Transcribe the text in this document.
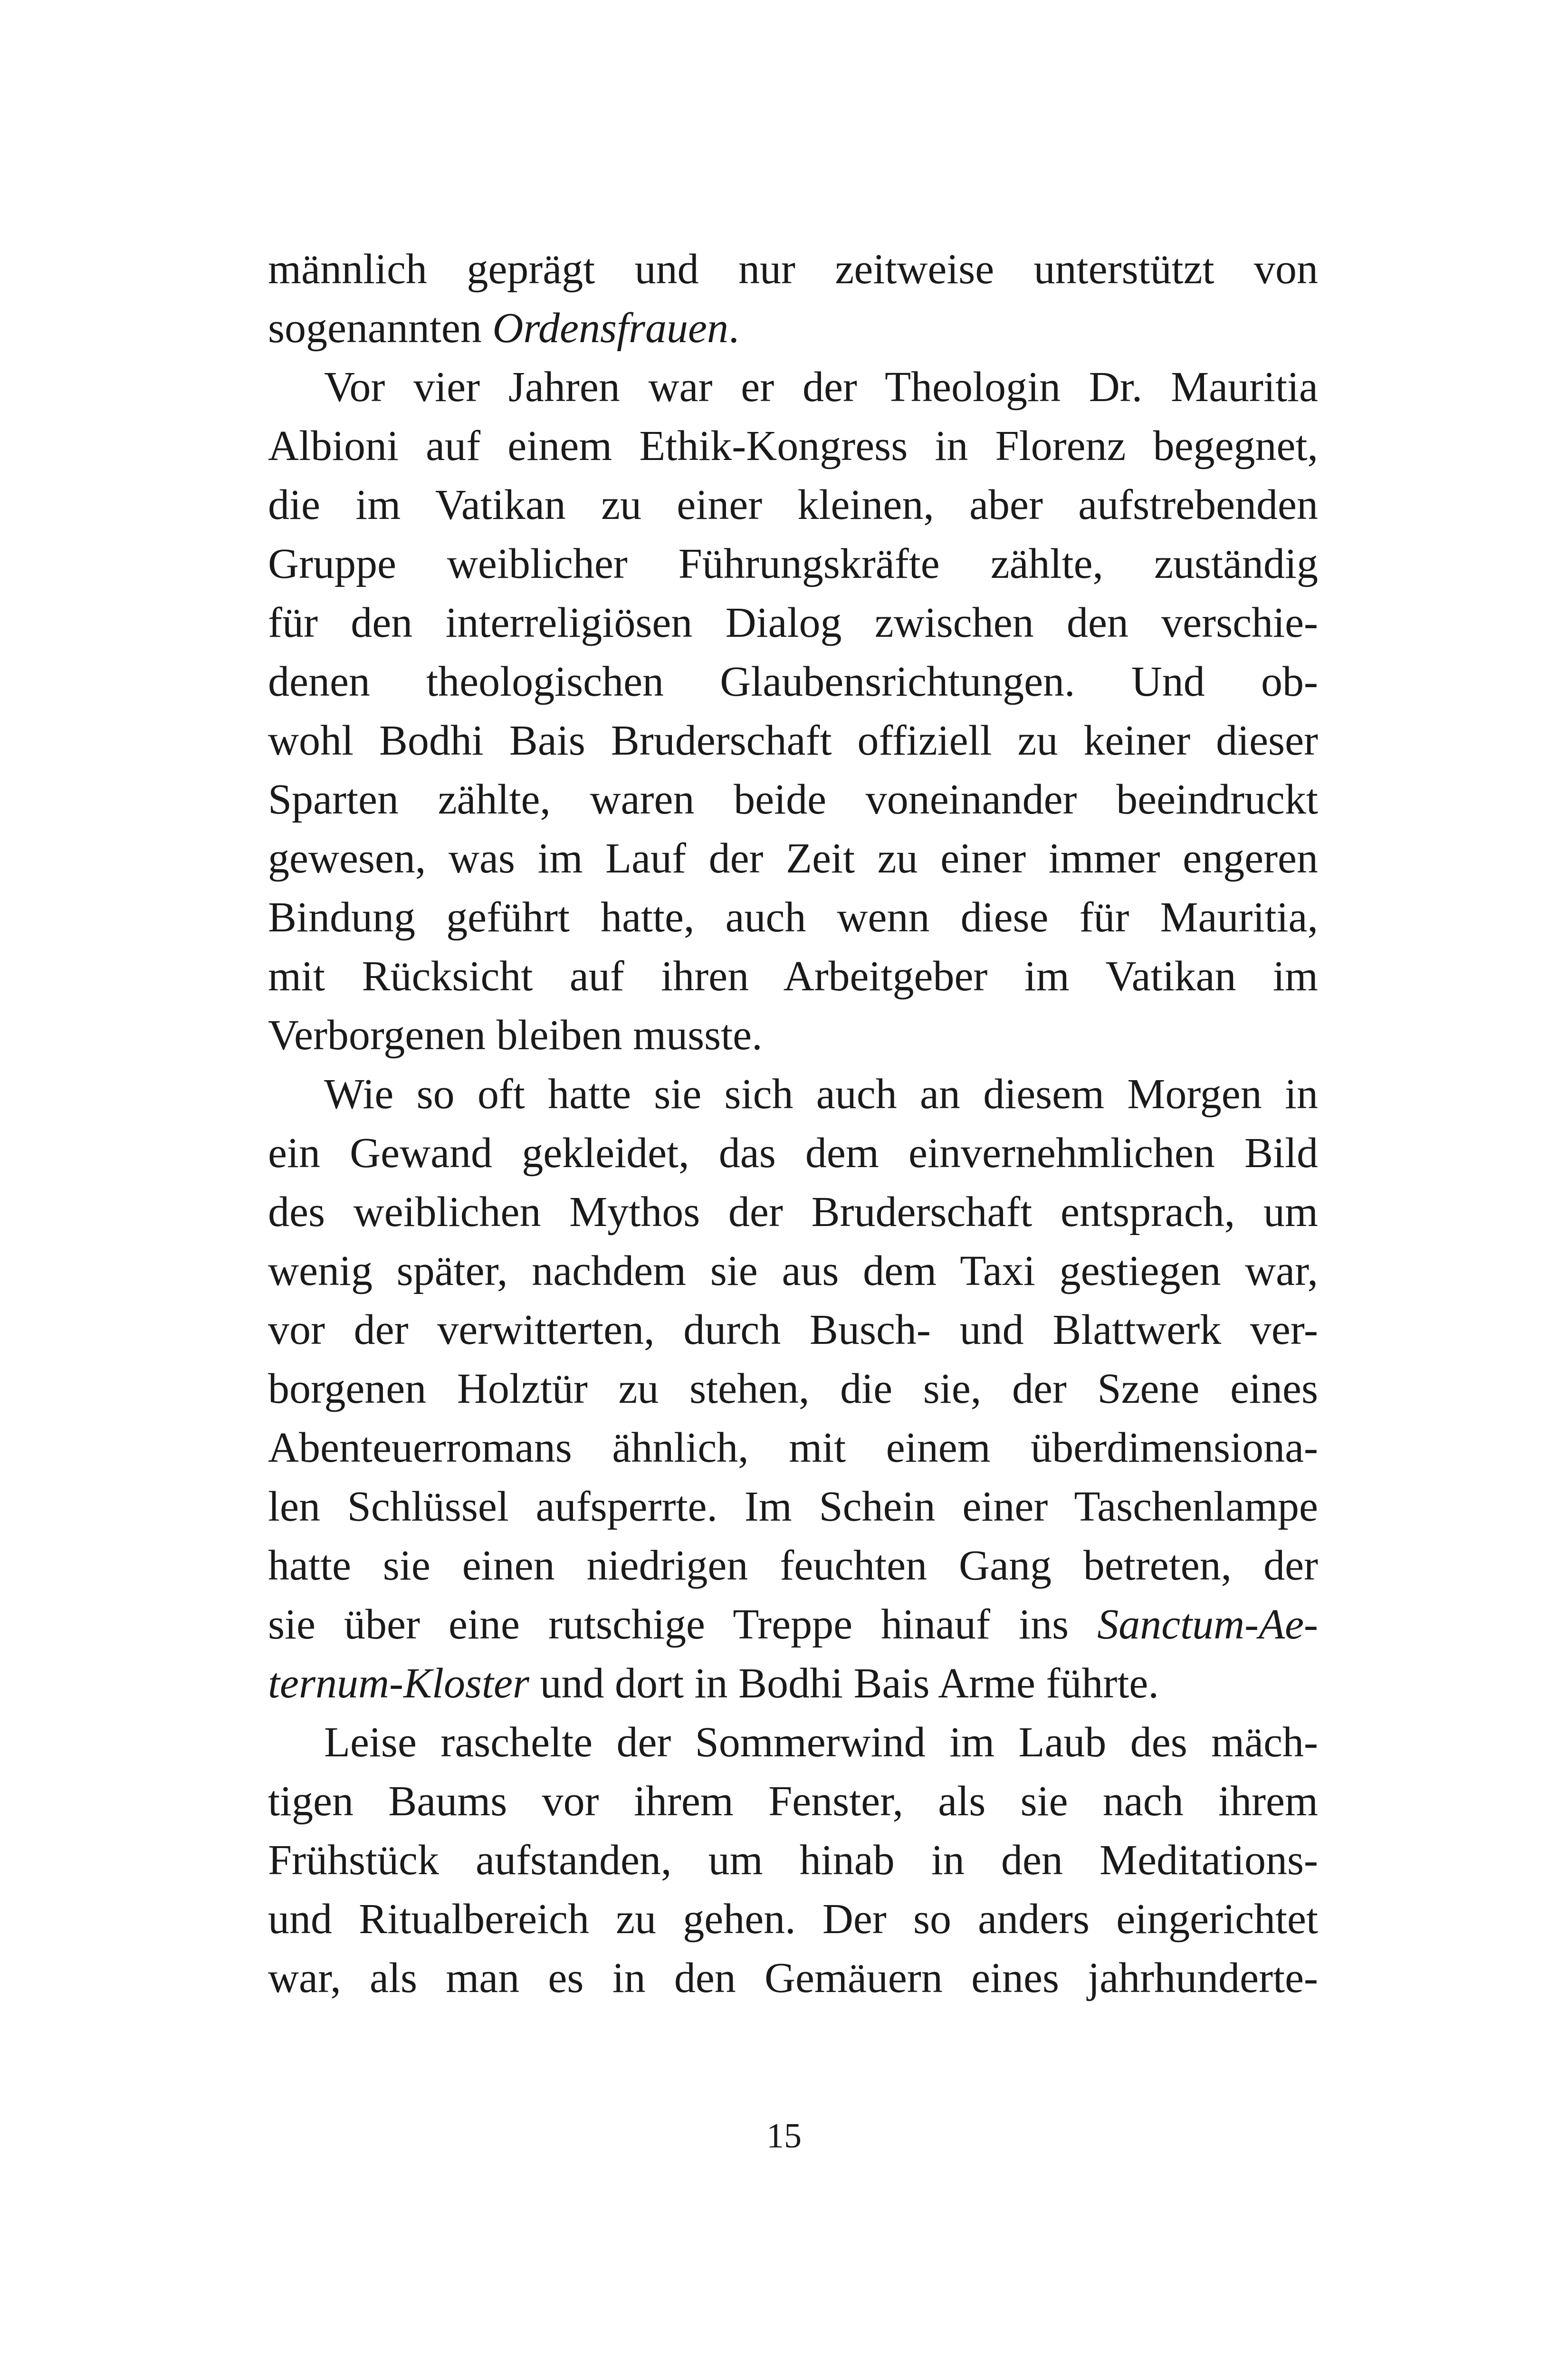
männlich geprägt und nur zeitweise unterstützt von
sogenannten Ordensfrauen.
Vor vier Jahren war er der Theologin Dr. Mauritia
Albioni auf einem Ethik-Kongress in Florenz begegnet,
die im Vatikan zu einer kleinen, aber aufstrebenden
Gruppe weiblicher Führungskräfte zählte, zuständig
für den interreligiösen Dialog zwischen den verschie-
denen theologischen Glaubensrichtungen. Und ob-
wohl Bodhi Bais Bruderschaft offiziell zu keiner dieser
Sparten zählte, waren beide voneinander beeindruckt
gewesen, was im Lauf der Zeit zu einer immer engeren
Bindung geführt hatte, auch wenn diese für Mauritia,
mit Rücksicht auf ihren Arbeitgeber im Vatikan im
Verborgenen bleiben musste.
Wie so oft hatte sie sich auch an diesem Morgen in
ein Gewand gekleidet, das dem einvernehmlichen Bild
des weiblichen Mythos der Bruderschaft entsprach, um
wenig später, nachdem sie aus dem Taxi gestiegen war,
vor der verwitterten, durch Busch- und Blattwerk ver-
borgenen Holztür zu stehen, die sie, der Szene eines
Abenteuerromans ähnlich, mit einem überdimensiona-
len Schlüssel aufsperrte. Im Schein einer Taschenlampe
hatte sie einen niedrigen feuchten Gang betreten, der
sie über eine rutschige Treppe hinauf ins Sanctum-Ae-
ternum-Kloster und dort in Bodhi Bais Arme führte.
Leise raschelte der Sommerwind im Laub des mäch-
tigen Baums vor ihrem Fenster, als sie nach ihrem
Frühstück aufstanden, um hinab in den Meditations-
und Ritualbereich zu gehen. Der so anders eingerichtet
war, als man es in den Gemäuern eines jahrhunderte-
15
